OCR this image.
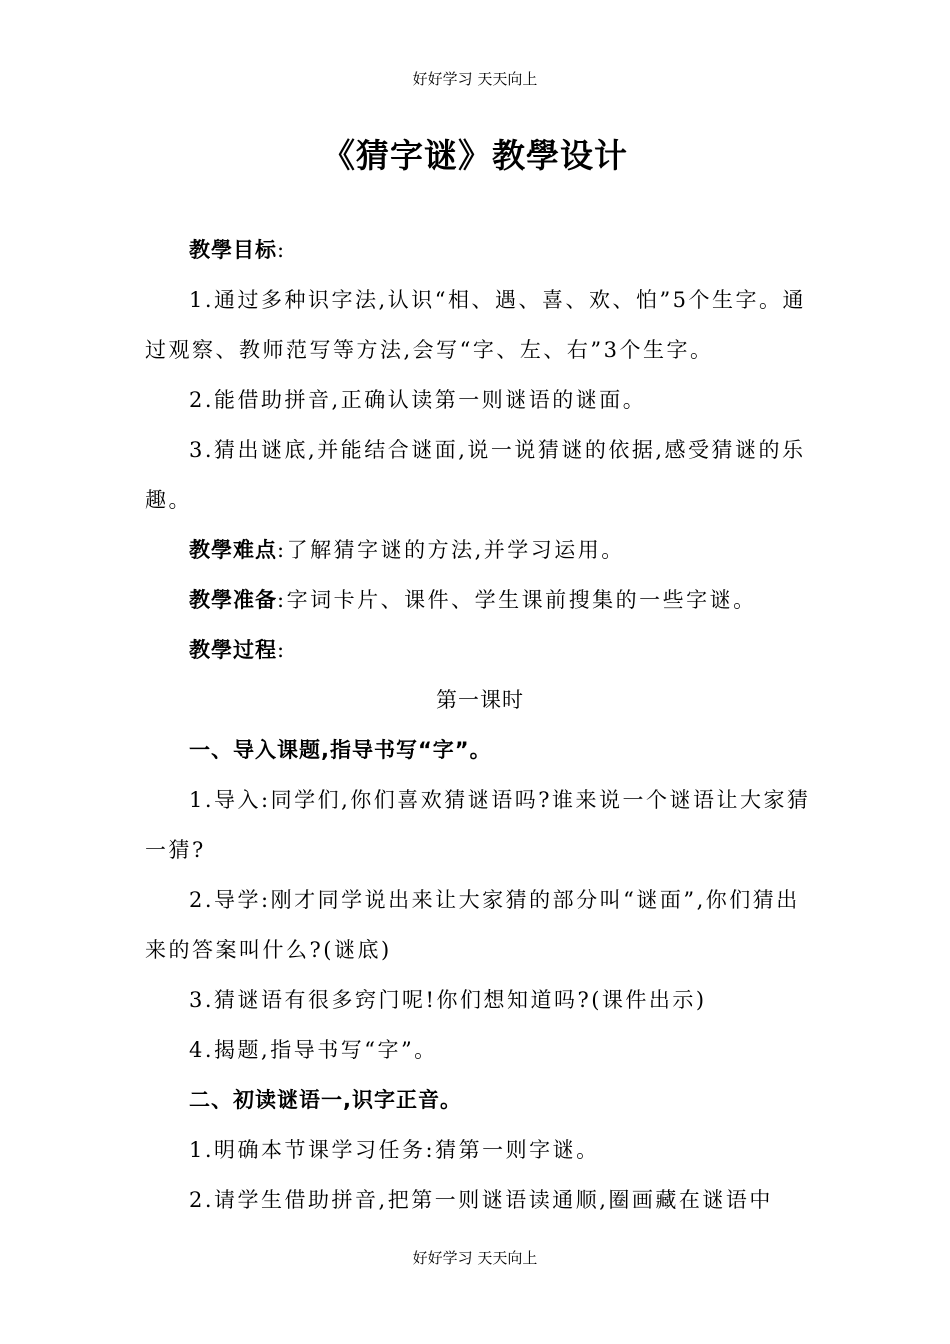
好好学习 天天向上
《猜字谜》教學设计

教學目标:

1.通过多种识字法,认识“相、遇、喜、欢、怕”5个生字。通过观察、教师范写等方法,会写“字、左、右”3个生字。

2.能借助拼音,正确认读第一则谜语的谜面。

3.猜出谜底,并能结合谜面,说一说猜谜的依据,感受猜谜的乐趣。

教學难点:了解猜字谜的方法,并学习运用。

教學准备:字词卡片、课件、学生课前搜集的一些字谜。

教學过程:

第一课时

一、导入课题,指导书写“字”。

1.导入:同学们,你们喜欢猜谜语吗?谁来说一个谜语让大家猜一猜?

2.导学:刚才同学说出来让大家猜的部分叫“谜面”,你们猜出来的答案叫什么?(谜底)

3.猜谜语有很多窍门呢!你们想知道吗?(课件出示)

4.揭题,指导书写“字”。

二、初读谜语一,识字正音。

1.明确本节课学习任务:猜第一则字谜。

2.请学生借助拼音,把第一则谜语读通顺,圈画藏在谜语中

好好学习 天天向上
